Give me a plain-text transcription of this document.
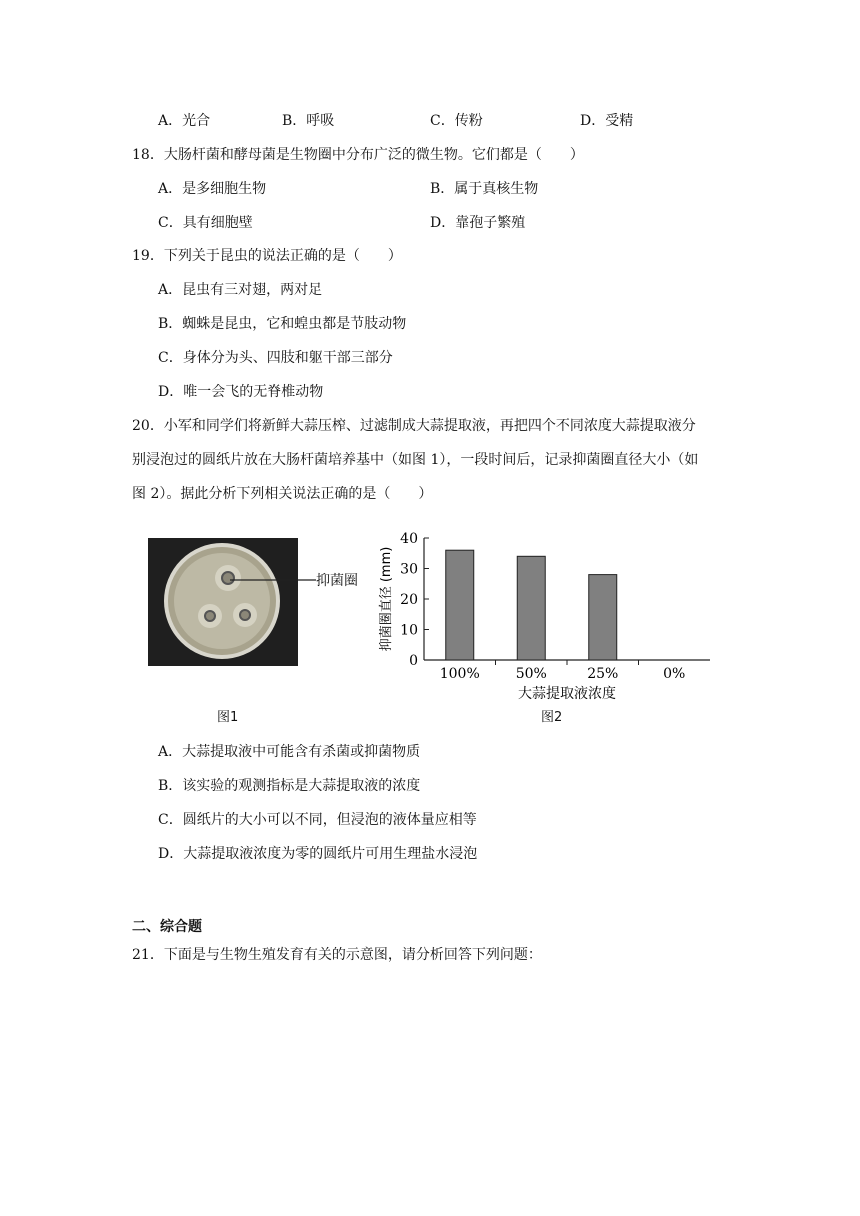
A．光合	B．呼吸	C．传粉	D．受精
18．大肠杆菌和酵母菌是生物圈中分布广泛的微生物。它们都是（　　）
A．是多细胞生物	B．属于真核生物
C．具有细胞壁	D．靠孢子繁殖
19．下列关于昆虫的说法正确的是（　　）
A．昆虫有三对翅，两对足
B．蜘蛛是昆虫，它和蝗虫都是节肢动物
C．身体分为头、四肢和躯干部三部分
D．唯一会飞的无脊椎动物
20．小军和同学们将新鲜大蒜压榨、过滤制成大蒜提取液，再把四个不同浓度大蒜提取液分
别浸泡过的圆纸片放在大肠杆菌培养基中（如图 1），一段时间后，记录抑菌圈直径大小（如
图 2）。据此分析下列相关说法正确的是（　　）
抑菌圈
图1
0
10
20
30
40
抑菌圈直径 (mm)
100%	50%	25%	0%
大蒜提取液浓度
图2
A．大蒜提取液中可能含有杀菌或抑菌物质
B．该实验的观测指标是大蒜提取液的浓度
C．圆纸片的大小可以不同，但浸泡的液体量应相等
D．大蒜提取液浓度为零的圆纸片可用生理盐水浸泡
二、综合题
21．下面是与生物生殖发育有关的示意图，请分析回答下列问题：
